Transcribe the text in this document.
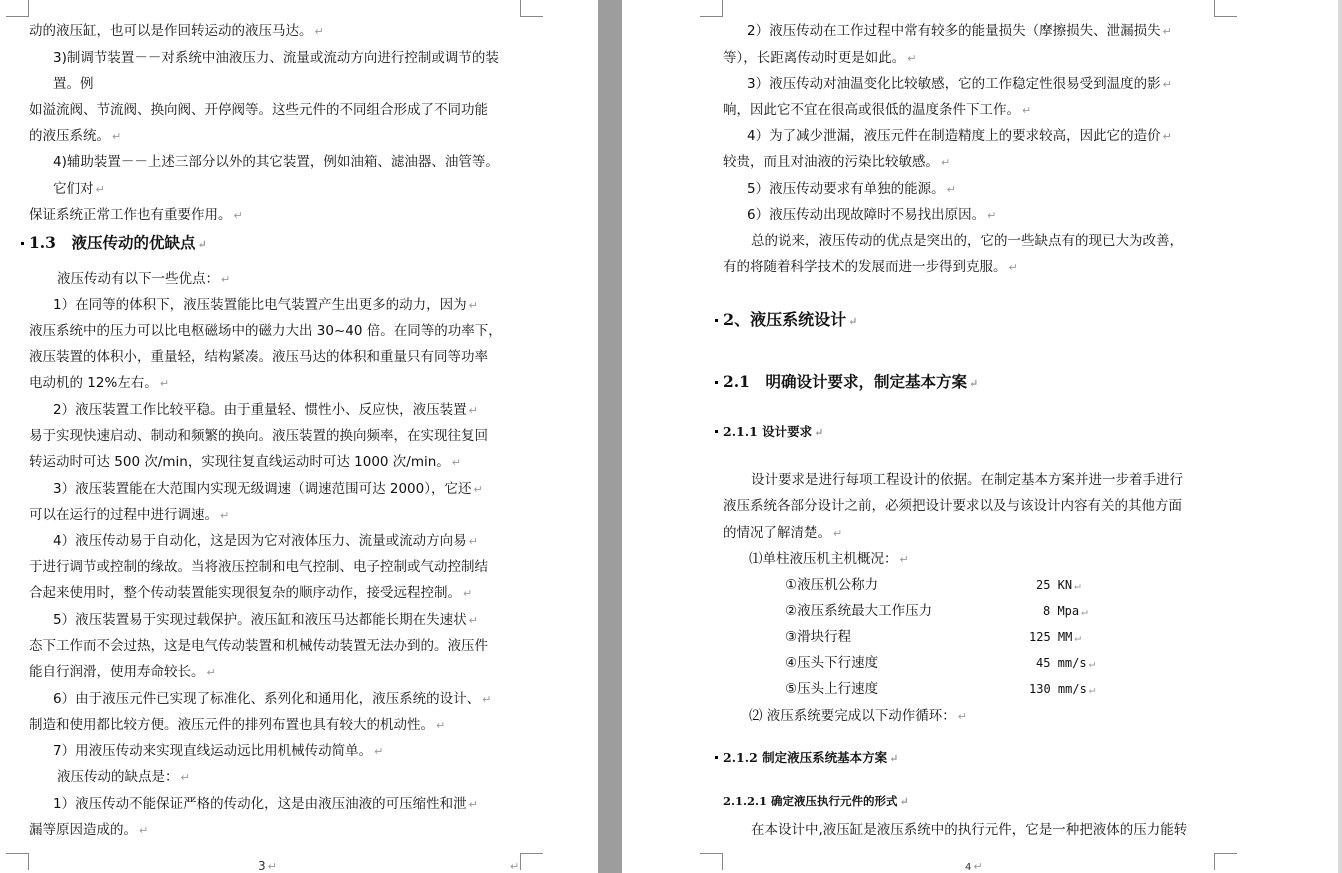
动的液压缸，也可以是作回转运动的液压马达。 ↵
3)制调节装置－－对系统中油液压力、流量或流动方向进行控制或调节的装
置。例
如溢流阀、节流阀、换向阀、开停阀等。这些元件的不同组合形成了不同功能
的液压系统。 ↵
4)辅助装置－－上述三部分以外的其它装置，例如油箱、滤油器、油管等。
它们对 ↵
保证系统正常工作也有重要作用。 ↵
1.3　液压传动的优缺点 ↵
液压传动有以下一些优点： ↵
1）在同等的体积下，液压装置能比电气装置产生出更多的动力，因为 ↵
液压系统中的压力可以比电枢磁场中的磁力大出 30~40 倍。在同等的功率下，
液压装置的体积小，重量轻，结构紧凑。液压马达的体积和重量只有同等功率
电动机的 12%左右。 ↵
2）液压装置工作比较平稳。由于重量轻、惯性小、反应快，液压装置 ↵
易于实现快速启动、制动和频繁的换向。液压装置的换向频率，在实现往复回
转运动时可达 500 次/min，实现往复直线运动时可达 1000 次/min。 ↵
3）液压装置能在大范围内实现无级调速（调速范围可达 2000），它还 ↵
可以在运行的过程中进行调速。 ↵
4）液压传动易于自动化，这是因为它对液体压力、流量或流动方向易 ↵
于进行调节或控制的缘故。当将液压控制和电气控制、电子控制或气动控制结
合起来使用时，整个传动装置能实现很复杂的顺序动作，接受远程控制。 ↵
5）液压装置易于实现过载保护。液压缸和液压马达都能长期在失速状 ↵
态下工作而不会过热，这是电气传动装置和机械传动装置无法办到的。液压件
能自行润滑，使用寿命较长。 ↵
6）由于液压元件已实现了标准化、系列化和通用化，液压系统的设计、 ↵
制造和使用都比较方便。液压元件的排列布置也具有较大的机动性。 ↵
7）用液压传动来实现直线运动远比用机械传动简单。 ↵
液压传动的缺点是： ↵
1）液压传动不能保证严格的传动化，这是由液压油液的可压缩性和泄 ↵
漏等原因造成的。 ↵
3 ↵	↵
2）液压传动在工作过程中常有较多的能量损失（摩擦损失、泄漏损失 ↵
等），长距离传动时更是如此。 ↵
3）液压传动对油温变化比较敏感，它的工作稳定性很易受到温度的影 ↵
响，因此它不宜在很高或很低的温度条件下工作。 ↵
4）为了减少泄漏，液压元件在制造精度上的要求较高，因此它的造价 ↵
较贵，而且对油液的污染比较敏感。 ↵
5）液压传动要求有单独的能源。 ↵
6）液压传动出现故障时不易找出原因。 ↵
总的说来，液压传动的优点是突出的，它的一些缺点有的现已大为改善，
有的将随着科学技术的发展而进一步得到克服。 ↵
2、液压系统设计 ↵
2.1　明确设计要求，制定基本方案 ↵
2.1.1 设计要求 ↵
设计要求是进行每项工程设计的依据。在制定基本方案并进一步着手进行
液压系统各部分设计之前，必须把设计要求以及与该设计内容有关的其他方面
的情况了解清楚。 ↵
⑴单柱液压机主机概况： ↵
①液压机公称力	25 KN ↵
②液压系统最大工作压力	8 Mpa ↵
③滑块行程	125 MM ↵
④压头下行速度	45 mm/s ↵
⑤压头上行速度	130 mm/s ↵
⑵ 液压系统要完成以下动作循环： ↵
2.1.2 制定液压系统基本方案 ↵
2.1.2.1 确定液压执行元件的形式 ↵
在本设计中,液压缸是液压系统中的执行元件，它是一种把液体的压力能转
4 ↵
